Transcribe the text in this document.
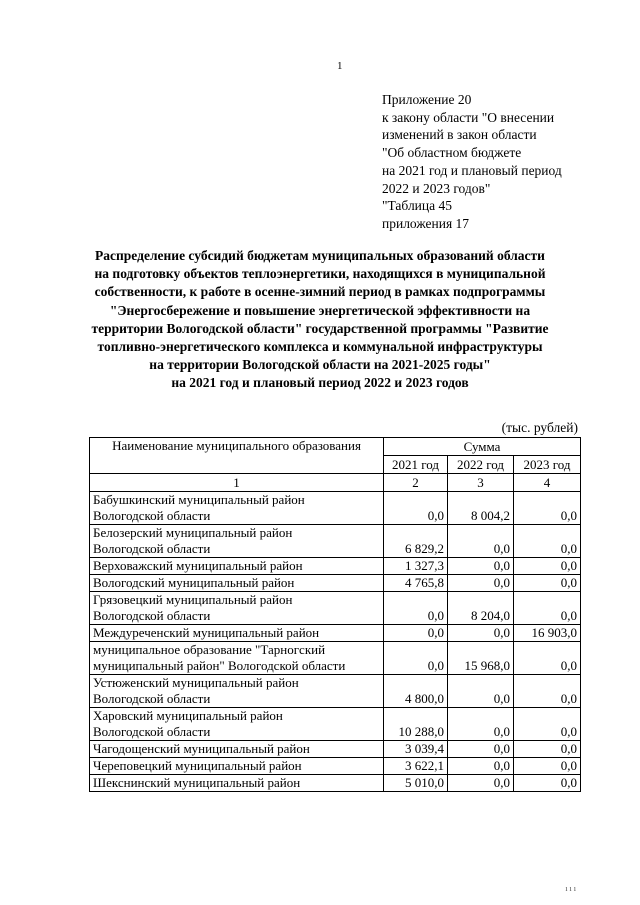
1
Приложение 20
к закону области "О внесении
изменений в закон области
"Об областном бюджете
на 2021 год и плановый период
2022 и 2023 годов"
"Таблица 45
приложения 17
Распределение субсидий бюджетам муниципальных образований области
на подготовку объектов теплоэнергетики, находящихся в муниципальной
собственности, к работе в осенне-зимний период в рамках подпрограммы
"Энергосбережение и повышение энергетической эффективности на
территории Вологодской области" государственной программы "Развитие
топливно-энергетического комплекса и коммунальной инфраструктуры
на территории Вологодской области на 2021-2025 годы"
на 2021 год и плановый период 2022 и 2023 годов
(тыс. рублей)
Наименование муниципального образования	Сумма		
	2021 год	2022 год	2023 год
1	2	3	4

Бабушкинский муниципальный район
Вологодской области	0,0	8 004,2	0,0

Белозерский муниципальный район
Вологодской области	6 829,2	0,0	0,0

Верховажский муниципальный район	1 327,3	0,0	0,0

Вологодский муниципальный район	4 765,8	0,0	0,0

Грязовецкий муниципальный район
Вологодской области	0,0	8 204,0	0,0

Междуреченский муниципальный район	0,0	0,0	16 903,0

муниципальное образование "Тарногский
муниципальный район" Вологодской области	0,0	15 968,0	0,0

Устюженский муниципальный район
Вологодской области	4 800,0	0,0	0,0

Харовский муниципальный район
Вологодской области	10 288,0	0,0	0,0

Чагодощенский муниципальный район	3 039,4	0,0	0,0

Череповецкий муниципальный район	3 622,1	0,0	0,0

Шекснинский муниципальный район	5 010,0	0,0	0,0
ııı
